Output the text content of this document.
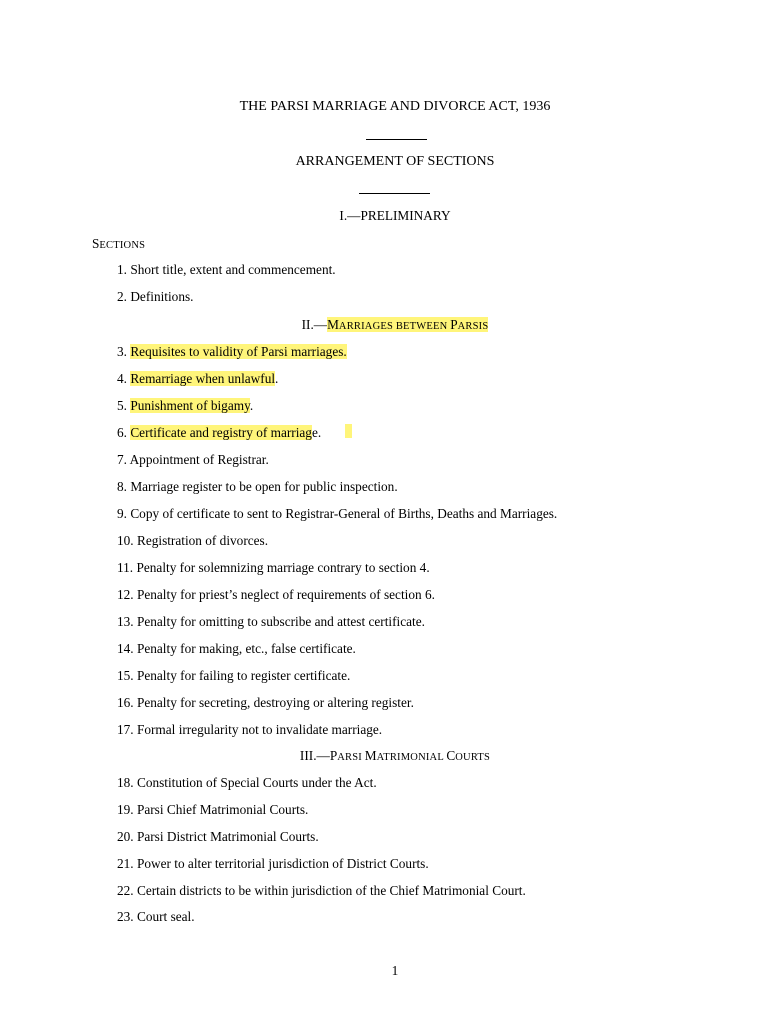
THE PARSI MARRIAGE AND DIVORCE ACT, 1936
ARRANGEMENT OF SECTIONS
I.—PRELIMINARY
SECTIONS
1. Short title, extent and commencement.
2. Definitions.
II.—MARRIAGES BETWEEN PARSIS
3. Requisites to validity of Parsi marriages.
4. Remarriage when unlawful.
5. Punishment of bigamy.
6. Certificate and registry of marriage.
7. Appointment of Registrar.
8. Marriage register to be open for public inspection.
9. Copy of certificate to sent to Registrar-General of Births, Deaths and Marriages.
10. Registration of divorces.
11. Penalty for solemnizing marriage contrary to section 4.
12. Penalty for priest’s neglect of requirements of section 6.
13. Penalty for omitting to subscribe and attest certificate.
14. Penalty for making, etc., false certificate.
15. Penalty for failing to register certificate.
16. Penalty for secreting, destroying or altering register.
17. Formal irregularity not to invalidate marriage.
III.—PARSI MATRIMONIAL COURTS
18. Constitution of Special Courts under the Act.
19. Parsi Chief Matrimonial Courts.
20. Parsi District Matrimonial Courts.
21. Power to alter territorial jurisdiction of District Courts.
22. Certain districts to be within jurisdiction of the Chief Matrimonial Court.
23. Court seal.
1
